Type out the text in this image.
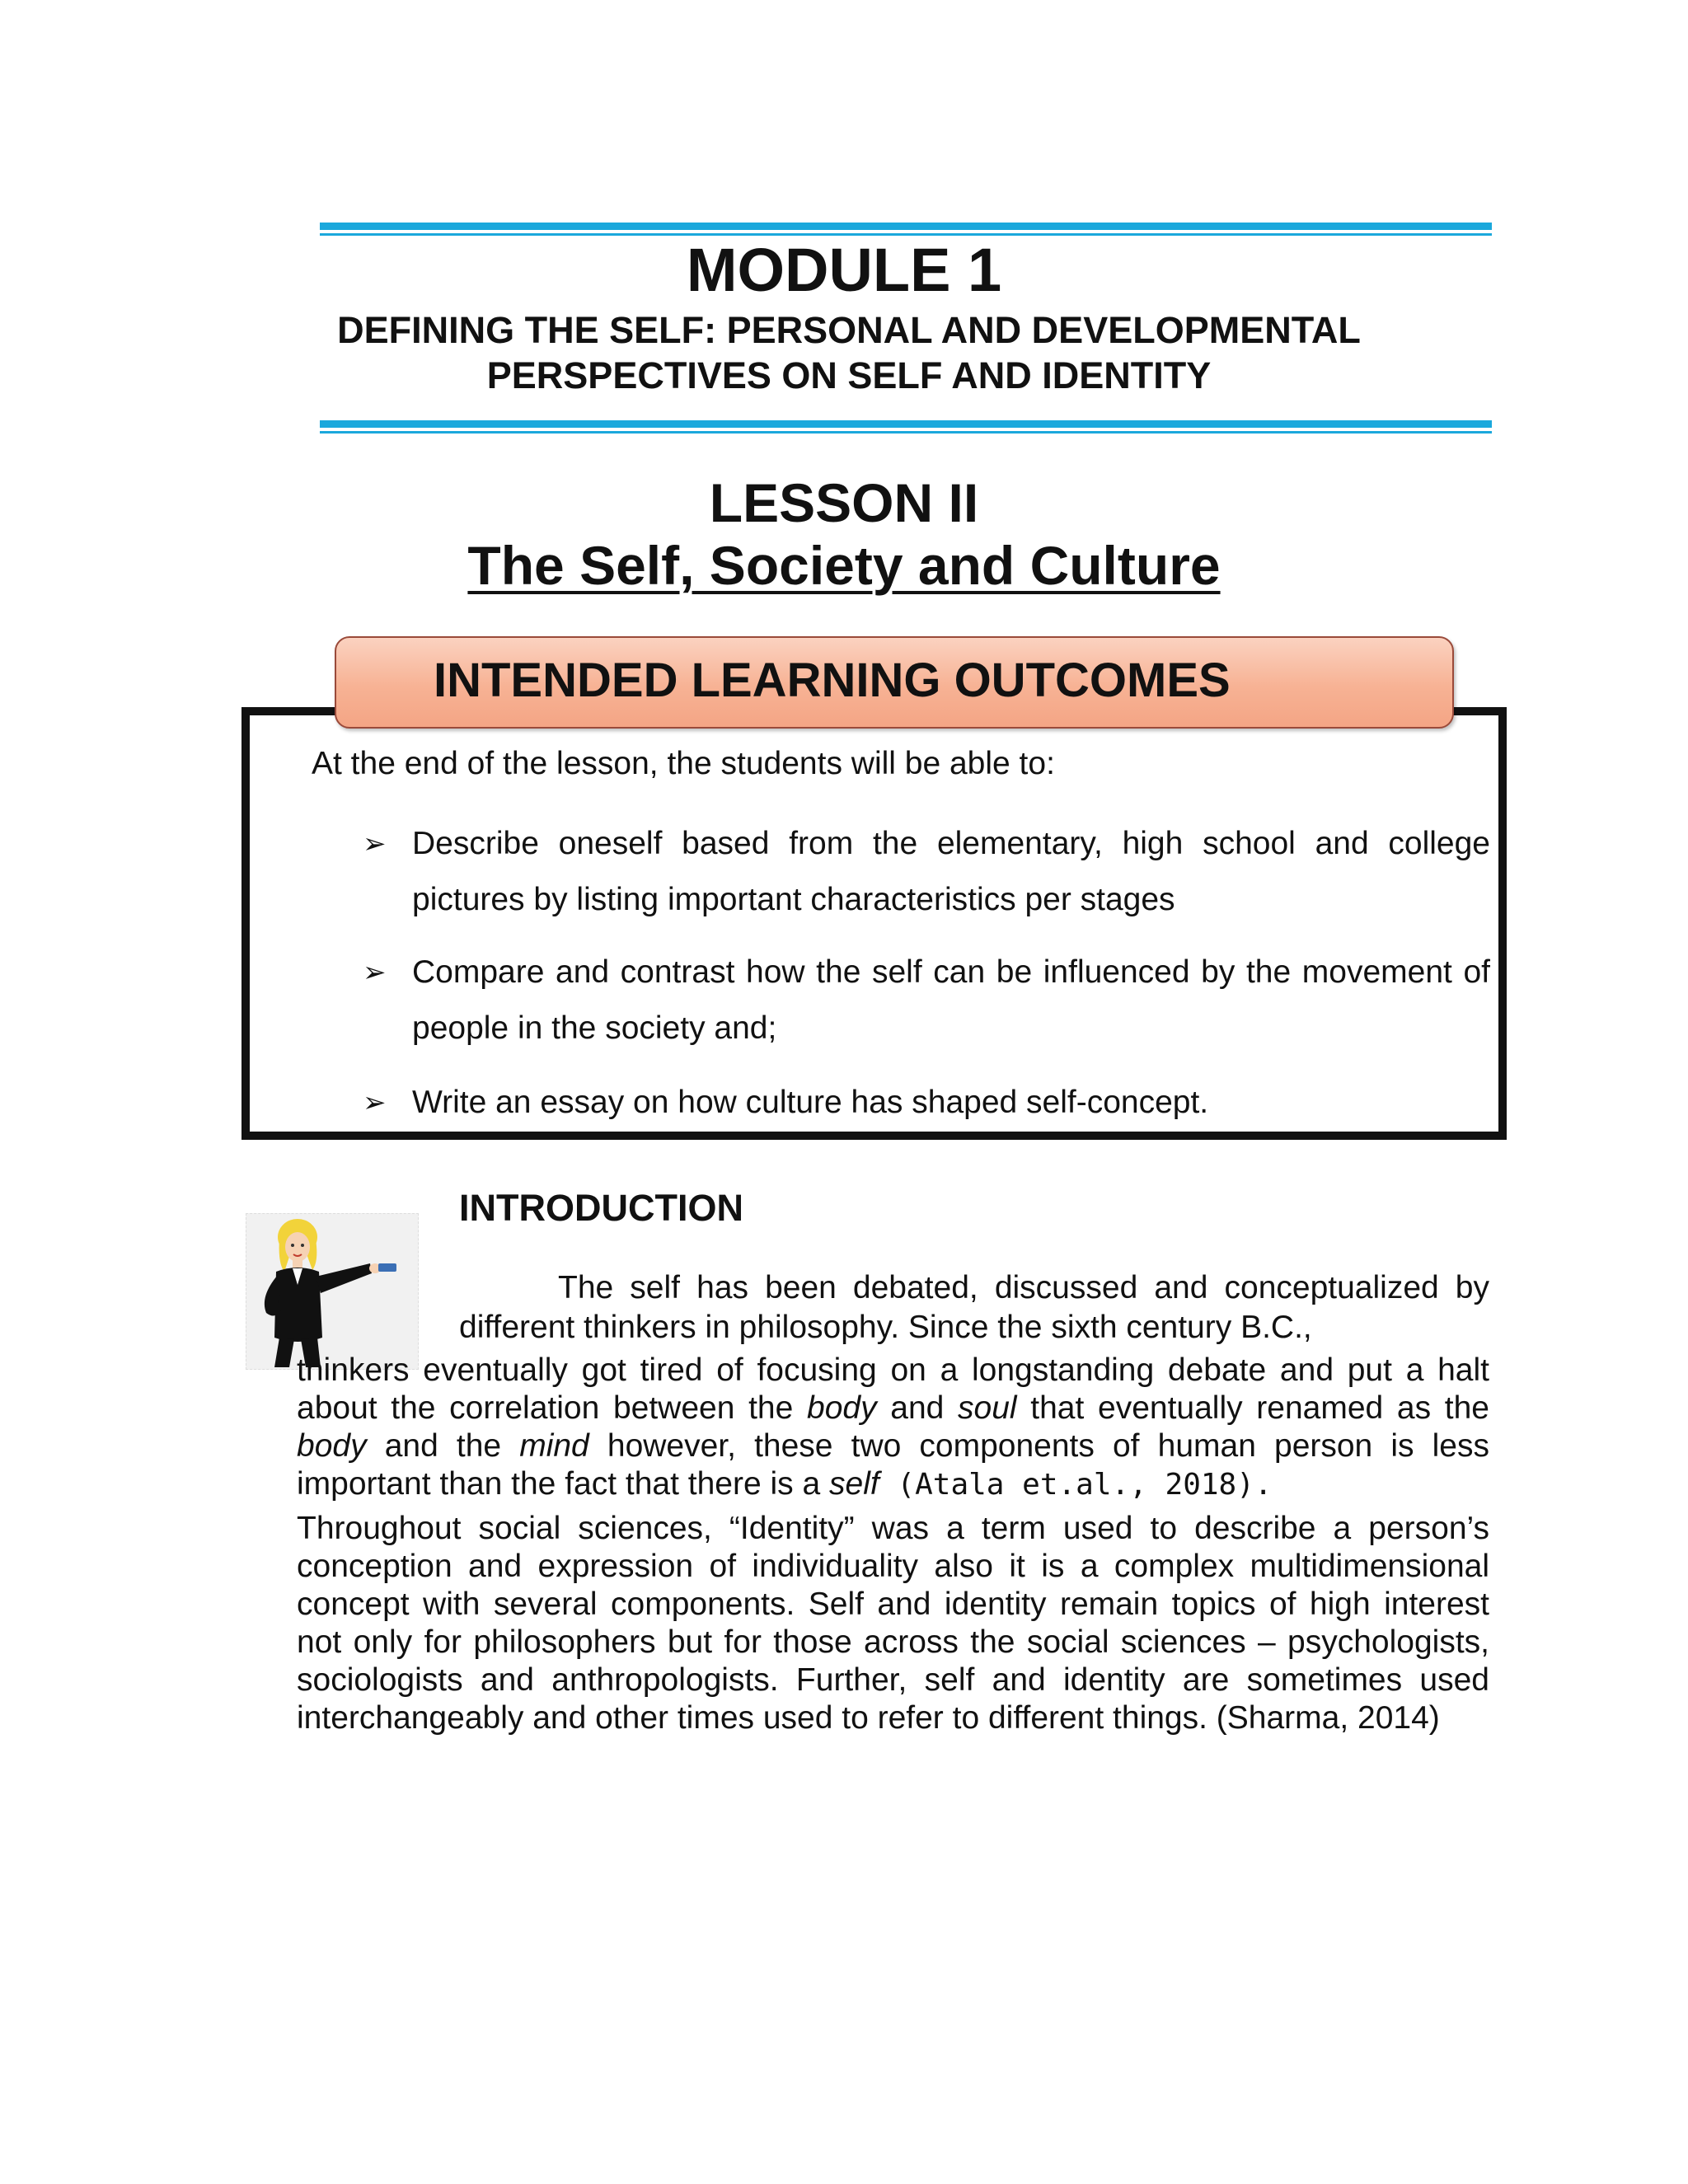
MODULE 1
DEFINING THE SELF: PERSONAL AND DEVELOPMENTAL
PERSPECTIVES ON SELF AND IDENTITY
LESSON II
The Self, Society and Culture
INTENDED LEARNING OUTCOMES
At the end of the lesson, the students will be able to:
➢ Describe oneself based from the elementary, high school and college pictures by listing important characteristics per stages
➢ Compare and contrast how the self can be influenced by the movement of people in the society and;
➢ Write an essay on how culture has shaped self-concept.
INTRODUCTION
The self has been debated, discussed and conceptualized by
different thinkers in philosophy. Since the sixth century B.C.,
thinkers eventually got tired of focusing on a longstanding debate and put a halt about the correlation between the body and soul that eventually renamed as the body and the mind however, these two components of human person is less important than the fact that there is a self (Atala et.al., 2018).
Throughout social sciences, “Identity” was a term used to describe a person’s conception and expression of individuality also it is a complex multidimensional concept with several components. Self and identity remain topics of high interest not only for philosophers but for those across the social sciences – psychologists, sociologists and anthropologists. Further, self and identity are sometimes used interchangeably and other times used to refer to different things. (Sharma, 2014)
